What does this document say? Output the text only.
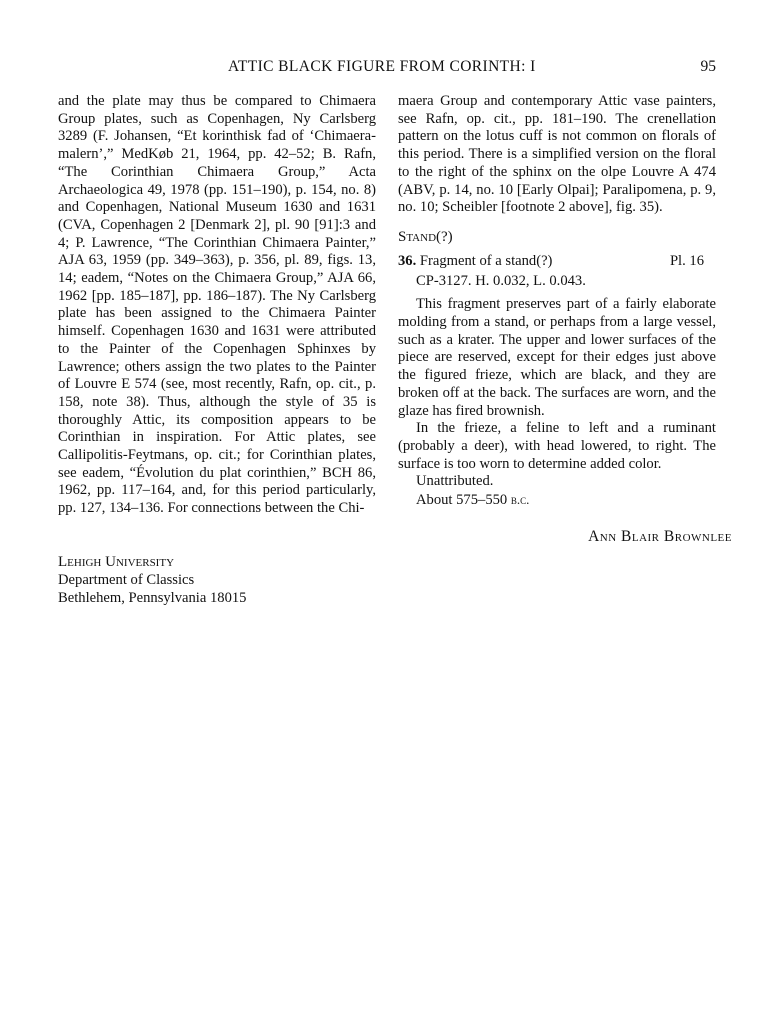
ATTIC BLACK FIGURE FROM CORINTH: I	95

and the plate may thus be compared to Chimaera Group plates, such as Copenhagen, Ny Carlsberg 3289 (F. Johansen, “Et korinthisk fad of ‘Chimaera-malern’,” MedKøb 21, 1964, pp. 42–52; B. Rafn, “The Corinthian Chimaera Group,” Acta Archaeologica 49, 1978 (pp. 151–190), p. 154, no. 8) and Copenhagen, National Museum 1630 and 1631 (CVA, Copenhagen 2 [Denmark 2], pl. 90 [91]:3 and 4; P. Lawrence, “The Corinthian Chimaera Painter,” AJA 63, 1959 (pp. 349–363), p. 356, pl. 89, figs. 13, 14; eadem, “Notes on the Chimaera Group,” AJA 66, 1962 [pp. 185–187], pp. 186–187). The Ny Carlsberg plate has been assigned to the Chimaera Painter himself. Copenhagen 1630 and 1631 were attributed to the Painter of the Copenhagen Sphinxes by Lawrence; others assign the two plates to the Painter of Louvre E 574 (see, most recently, Rafn, op. cit., p. 158, note 38). Thus, although the style of 35 is thoroughly Attic, its composition appears to be Corinthian in inspiration. For Attic plates, see Callipolitis-Feytmans, op. cit.; for Corinthian plates, see eadem, “Évolution du plat corinthien,” BCH 86, 1962, pp. 117–164, and, for this period particularly, pp. 127, 134–136. For connections between the Chi-

maera Group and contemporary Attic vase painters, see Rafn, op. cit., pp. 181–190. The crenellation pattern on the lotus cuff is not common on florals of this period. There is a simplified version on the floral to the right of the sphinx on the olpe Louvre A 474 (ABV, p. 14, no. 10 [Early Olpai]; Paralipomena, p. 9, no. 10; Scheibler [footnote 2 above], fig. 35).

Stand(?)

36. Fragment of a stand(?)	Pl. 16

CP-3127. H. 0.032, L. 0.043.

This fragment preserves part of a fairly elaborate molding from a stand, or perhaps from a large vessel, such as a krater. The upper and lower surfaces of the piece are reserved, except for their edges just above the figured frieze, which are black, and they are broken off at the back. The surfaces are worn, and the glaze has fired brownish.

In the frieze, a feline to left and a ruminant (probably a deer), with head lowered, to right. The surface is too worn to determine added color.

Unattributed.

About 575–550 b.c.

Ann Blair Brownlee
Lehigh University
Department of Classics
Bethlehem, Pennsylvania 18015
